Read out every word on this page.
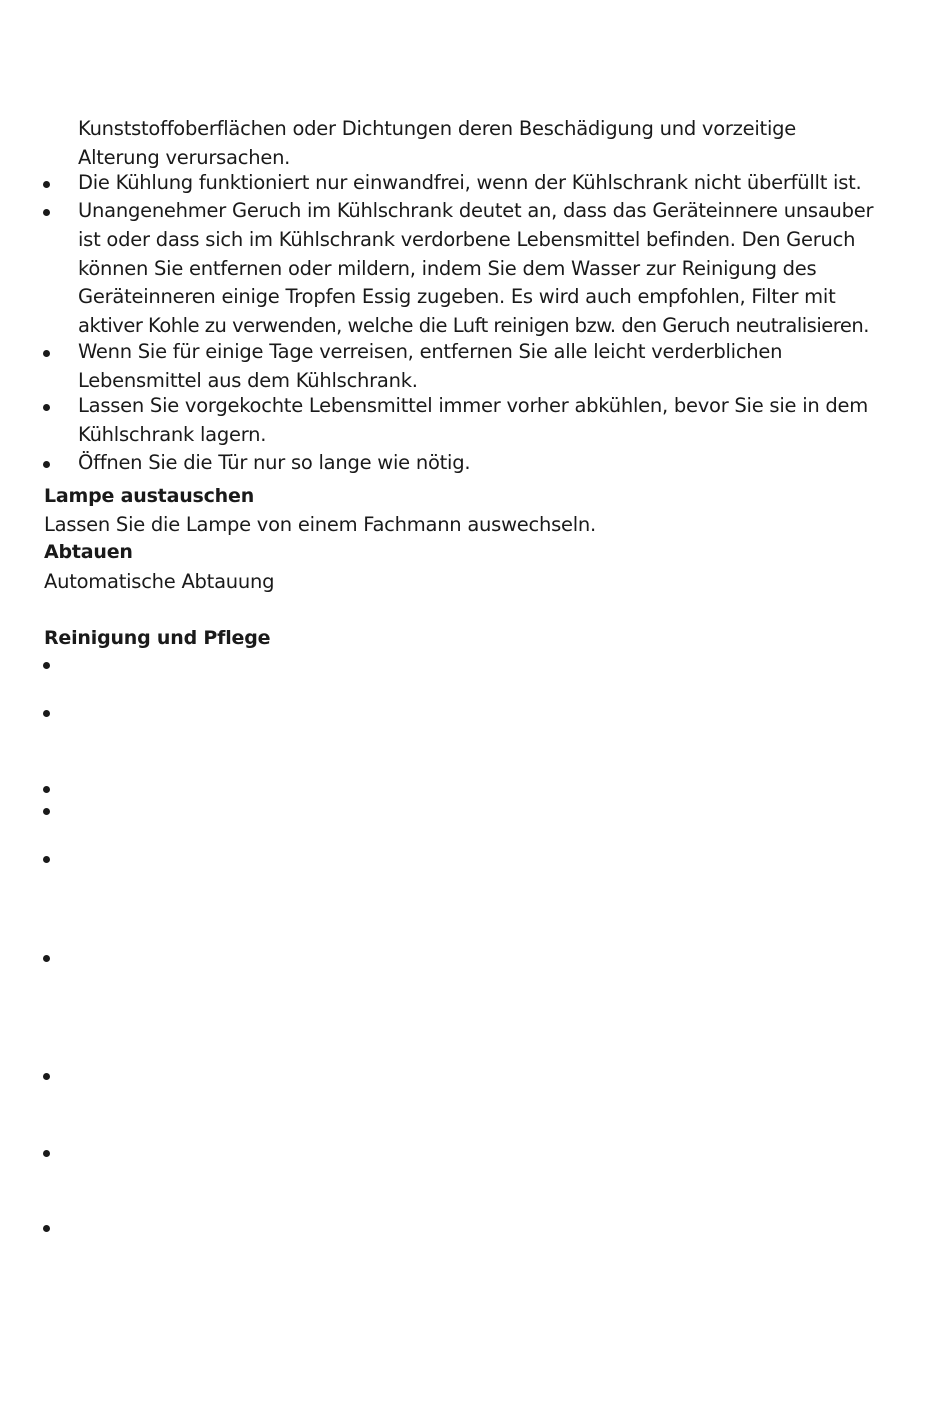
Kunststoffoberflächen oder Dichtungen deren Beschädigung und vorzeitige

Alterung verursachen.

Die Kühlung funktioniert nur einwandfrei, wenn der Kühlschrank nicht überfüllt ist.

Unangenehmer Geruch im Kühlschrank deutet an, dass das Geräteinnere unsauber

ist oder dass sich im Kühlschrank verdorbene Lebensmittel befinden. Den Geruch

können Sie entfernen oder mildern, indem Sie dem Wasser zur Reinigung des

Geräteinneren einige Tropfen Essig zugeben. Es wird auch empfohlen, Filter mit

aktiver Kohle zu verwenden, welche die Luft reinigen bzw. den Geruch neutralisieren.

Wenn Sie für einige Tage verreisen, entfernen Sie alle leicht verderblichen

Lebensmittel aus dem Kühlschrank.

Lassen Sie vorgekochte Lebensmittel immer vorher abkühlen, bevor Sie sie in dem

Kühlschrank lagern.

Öffnen Sie die Tür nur so lange wie nötig.

Lampe austauschen

Lassen Sie die Lampe von einem Fachmann auswechseln.

Abtauen

Automatische Abtauung

Reinigung und Pflege
